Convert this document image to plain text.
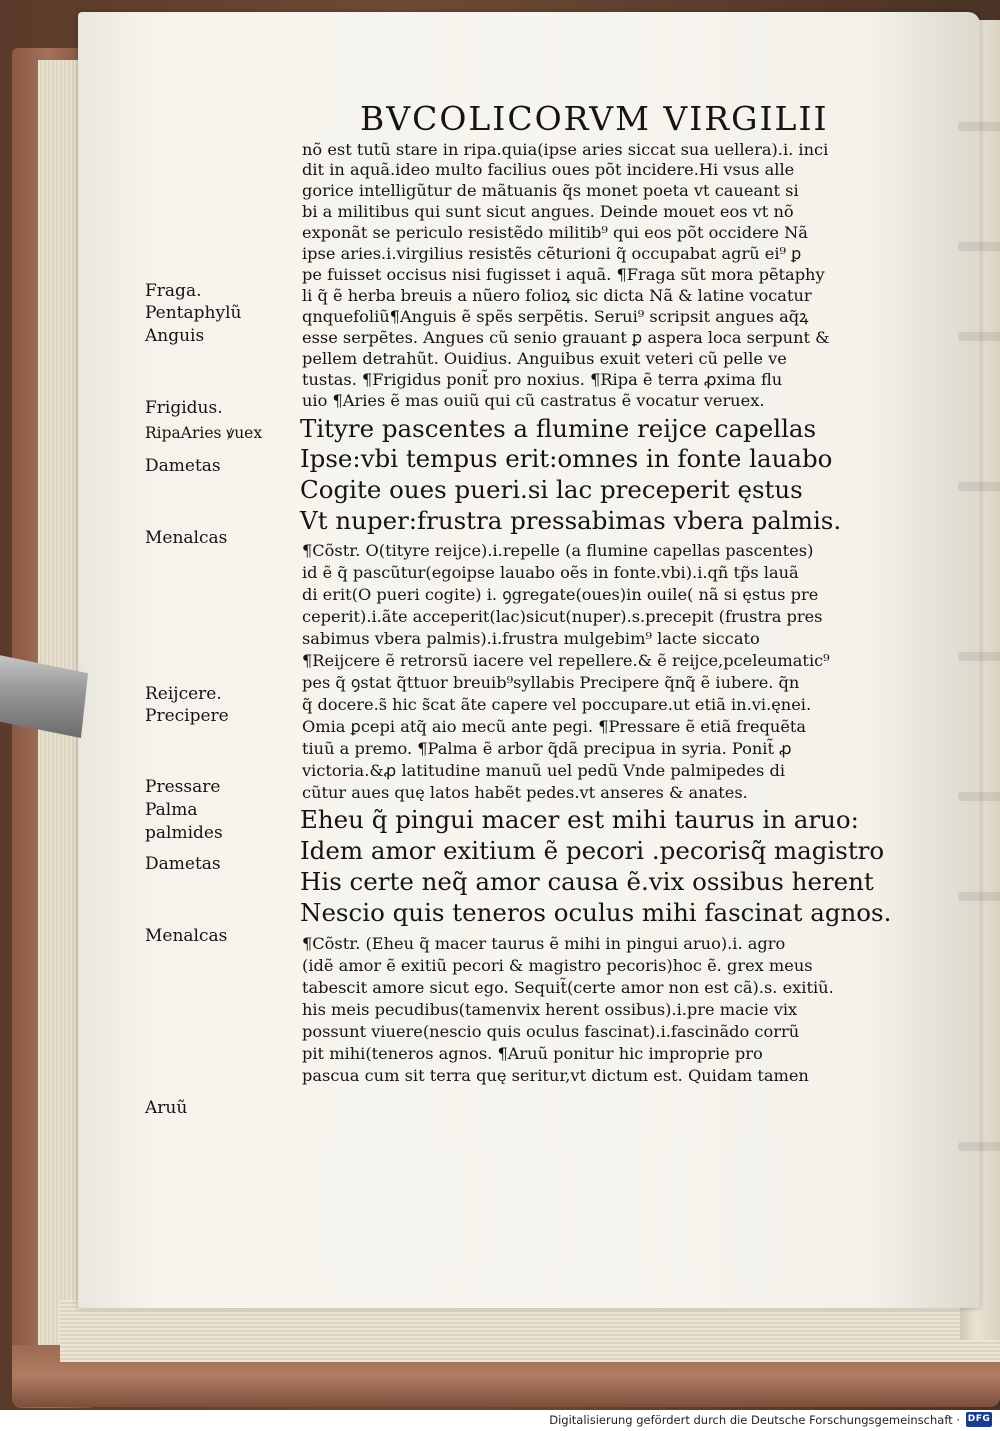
BVCOLICORVM VIRGILII
nõ est tutũ stare in ripa.quia(ipse aries siccat sua uellera).i. inci
dit in aquã.ideo multo facilius oues põt incidere.Hi vsus alle
gorice intelligũtur de mãtuanis q̃s monet poeta vt caueant si
bi a militibus qui sunt sicut angues. Deinde mouet eos vt nõ
exponãt se periculo resistẽdo militib⁹ qui eos põt occidere Nã
ipse aries.i.virgilius resistẽs cẽturioni q̃ occupabat agrũ ei⁹ ꝑ
pe fuisset occisus nisi fugisset i aquã. ¶Fraga sũt mora pẽtaphy
li q̃ ẽ herba breuis a nũero folioꝝ sic dicta Nã & latine vocatur
qnquefoliũ¶Anguis ẽ spẽs serpẽtis. Serui⁹ scripsit angues aq̃ꝝ
esse serpẽtes. Angues cũ senio grauant ꝑ aspera loca serpunt &
pellem detrahũt. Ouidius. Anguibus exuit veteri cũ pelle ve
tustas. ¶Frigidus ponit̃ pro noxius. ¶Ripa ẽ terra ꝓxima flu
uio ¶Aries ẽ mas ouiũ qui cũ castratus ẽ vocatur veruex.
Tityre pascentes a flumine reijce capellas
Ipse:vbi tempus erit:omnes in fonte lauabo
Cogite oues pueri.si lac preceperit ęstus
Vt nuper:frustra pressabimas vbera palmis.
¶Cõstr. O(tityre reijce).i.repelle (a flumine capellas pascentes)
id ẽ q̃ pascũtur(egoipse lauabo oẽs in fonte.vbi).i.qñ tp̃s lauã
di erit(O pueri cogite) i. ꝯgregate(oues)in ouile( nã si ęstus pre
ceperit).i.ãte acceperit(lac)sicut(nuper).s.precepit (frustra pres
sabimus vbera palmis).i.frustra mulgebim⁹ lacte siccato
¶Reijcere ẽ retrorsũ iacere vel repellere.& ẽ reijce,pceleumatic⁹
pes q̃ ꝯstat q̃ttuor breuib⁹syllabis Precipere q̃nq̃ ẽ iubere. q̃n
q̃ docere.s̃ hic s̃cat ãte capere vel poccupare.ut etiã in.vi.ęnei.
Omia ꝑcepi atq̃ aio mecũ ante pegi. ¶Pressare ẽ etiã frequẽta
tiuũ a premo. ¶Palma ẽ arbor q̃dã precipua in syria. Ponit̃ ꝓ
victoria.&ꝓ latitudine manuũ uel pedũ Vnde palmipedes di
cũtur aues quę latos habẽt pedes.vt anseres & anates.
Eheu q̃ pingui macer est mihi taurus in aruo:
Idem amor exitium ẽ pecori .pecorisq̃ magistro
His certe neq̃ amor causa ẽ.vix ossibus herent
Nescio quis teneros oculus mihi fascinat agnos.
¶Cõstr. (Eheu q̃ macer taurus ẽ mihi in pingui aruo).i. agro
(idẽ amor ẽ exitiũ pecori & magistro pecoris)hoc ẽ. grex meus
tabescit amore sicut ego. Sequit̃(certe amor non est cã).s. exitiũ.
his meis pecudibus(tamenvix herent ossibus).i.pre macie vix
possunt viuere(nescio quis oculus fascinat).i.fascinãdo corrũ
pit mihi(teneros agnos. ¶Aruũ ponitur hic improprie pro
pascua cum sit terra quę seritur,vt dictum est. Quidam tamen
Fraga.
Pentaphylũ
Anguis
Frigidus.
RipaAries ꝟuex
Dametas
Menalcas
Reijcere.
Precipere
Pressare
Palma
palmides
Dametas
Menalcas
Aruũ
Digitalisierung gefördert durch die Deutsche Forschungsgemeinschaft · DFG
